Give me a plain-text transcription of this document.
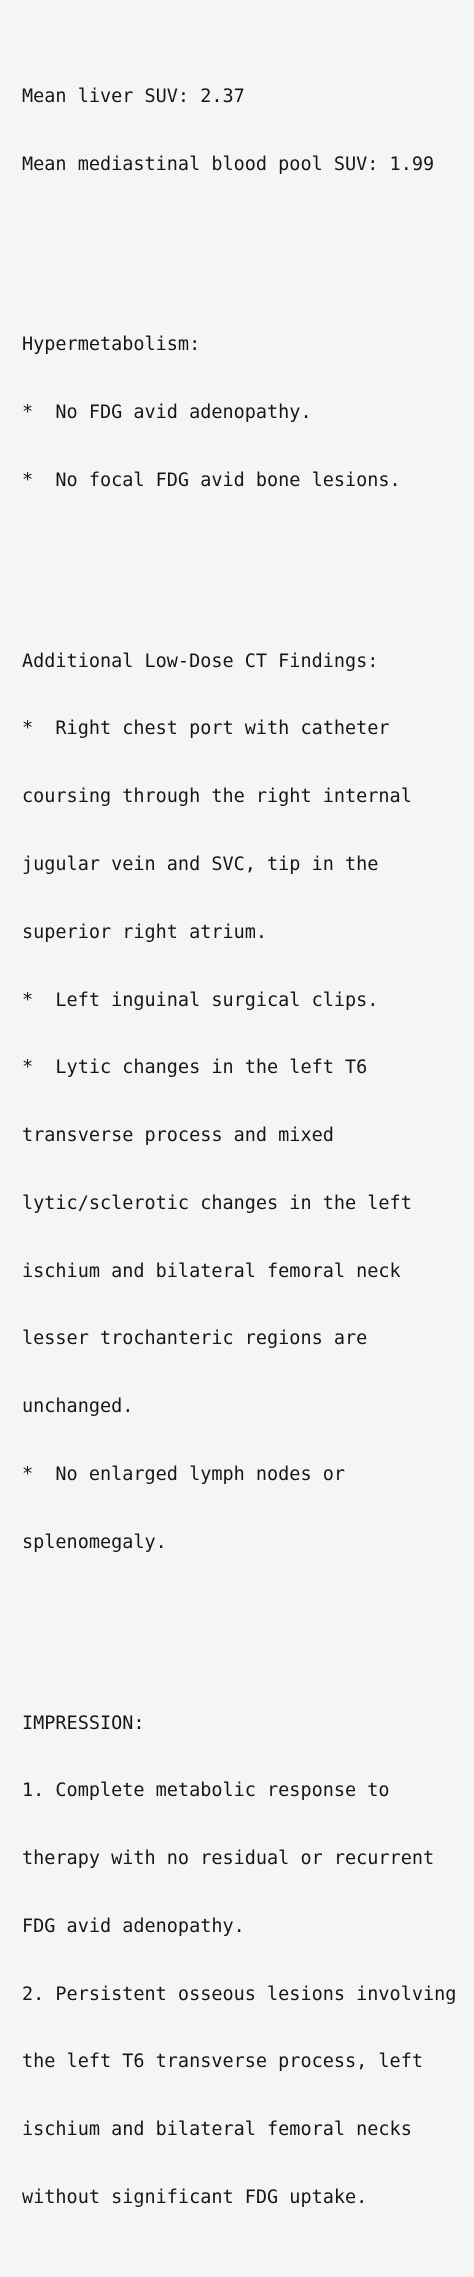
Mean liver SUV: 2.37

Mean mediastinal blood pool SUV: 1.99

Hypermetabolism:

*  No FDG avid adenopathy.

*  No focal FDG avid bone lesions.

Additional Low-Dose CT Findings:

*  Right chest port with catheter

coursing through the right internal

jugular vein and SVC, tip in the

superior right atrium.

*  Left inguinal surgical clips.

*  Lytic changes in the left T6

transverse process and mixed

lytic/sclerotic changes in the left

ischium and bilateral femoral neck

lesser trochanteric regions are

unchanged.

*  No enlarged lymph nodes or

splenomegaly.

IMPRESSION:

1. Complete metabolic response to

therapy with no residual or recurrent

FDG avid adenopathy.

2. Persistent osseous lesions involving

the left T6 transverse process, left

ischium and bilateral femoral necks

without significant FDG uptake.
